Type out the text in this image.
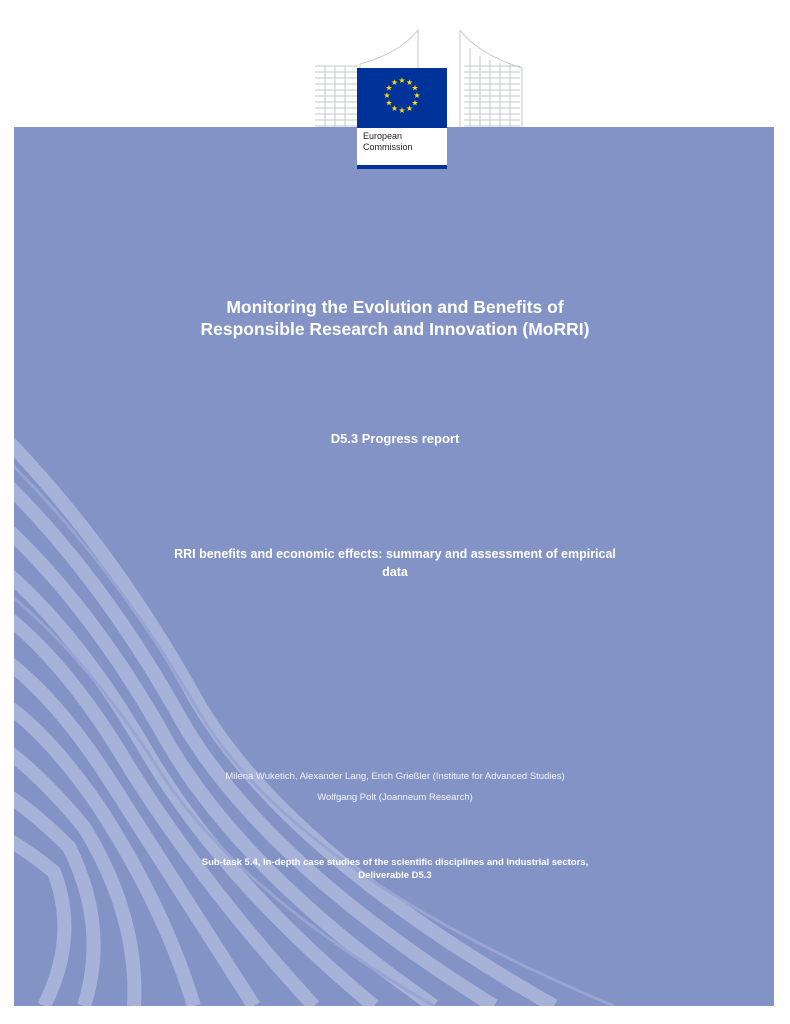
★ ★
★
★
★
★
★
★
★
★
★
★
European
Commission
Monitoring the Evolution and Benefits of
Responsible Research and Innovation (MoRRI)

D5.3 Progress report

RRI benefits and economic effects: summary and assessment of empirical
data

Milena Wuketich, Alexander Lang, Erich Grießler (Institute for Advanced Studies)
Wolfgang Polt (Joanneum Research)

Sub-task 5.4, In-depth case studies of the scientific disciplines and industrial sectors,
Deliverable D5.3
